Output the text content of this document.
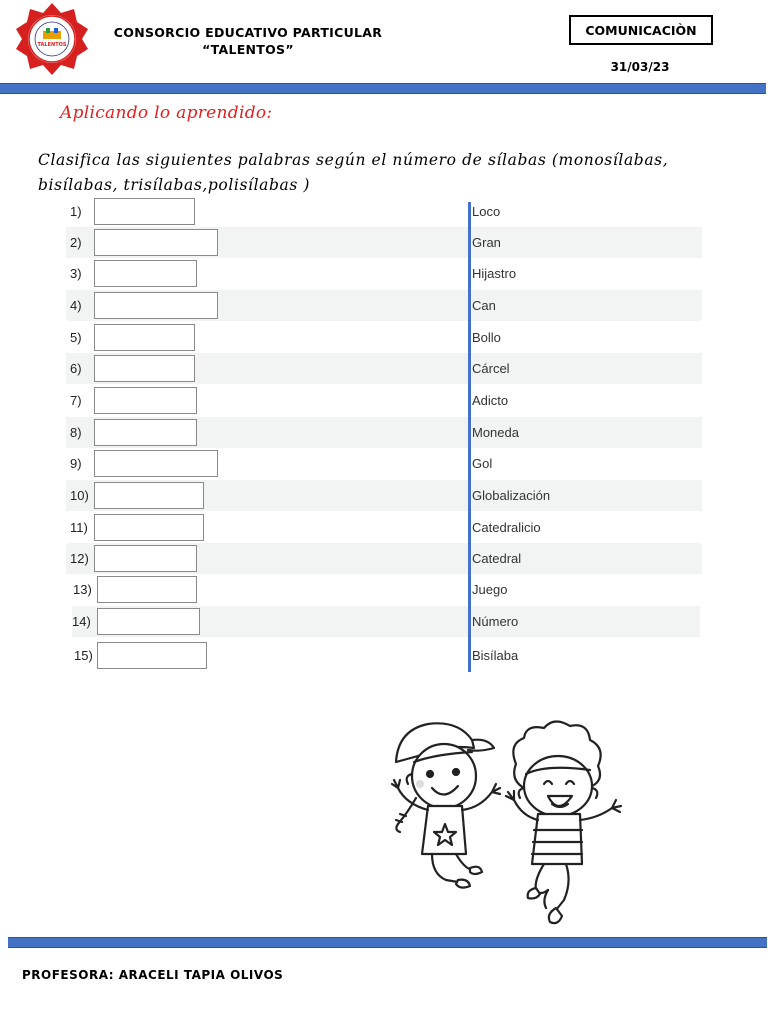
TALENTOS
CONSORCIO EDUCATIVO PARTICULAR
“TALENTOS”
COMUNICACIÒN
31/03/23
Aplicando lo aprendido:
Clasifica las siguientes palabras según el número de sílabas (monosílabas,
bisílabas, trisílabas,polisílabas )
1)	Loco
2)	Gran
3)	Hijastro
4)	Can
5)	Bollo
6)	Cárcel
7)	Adicto
8)	Moneda
9)	Gol
10)	Globalización
11)	Catedralicio
12)	Catedral
13)	Juego
14)	Número
15)	Bisílaba
PROFESORA: ARACELI TAPIA OLIVOS
